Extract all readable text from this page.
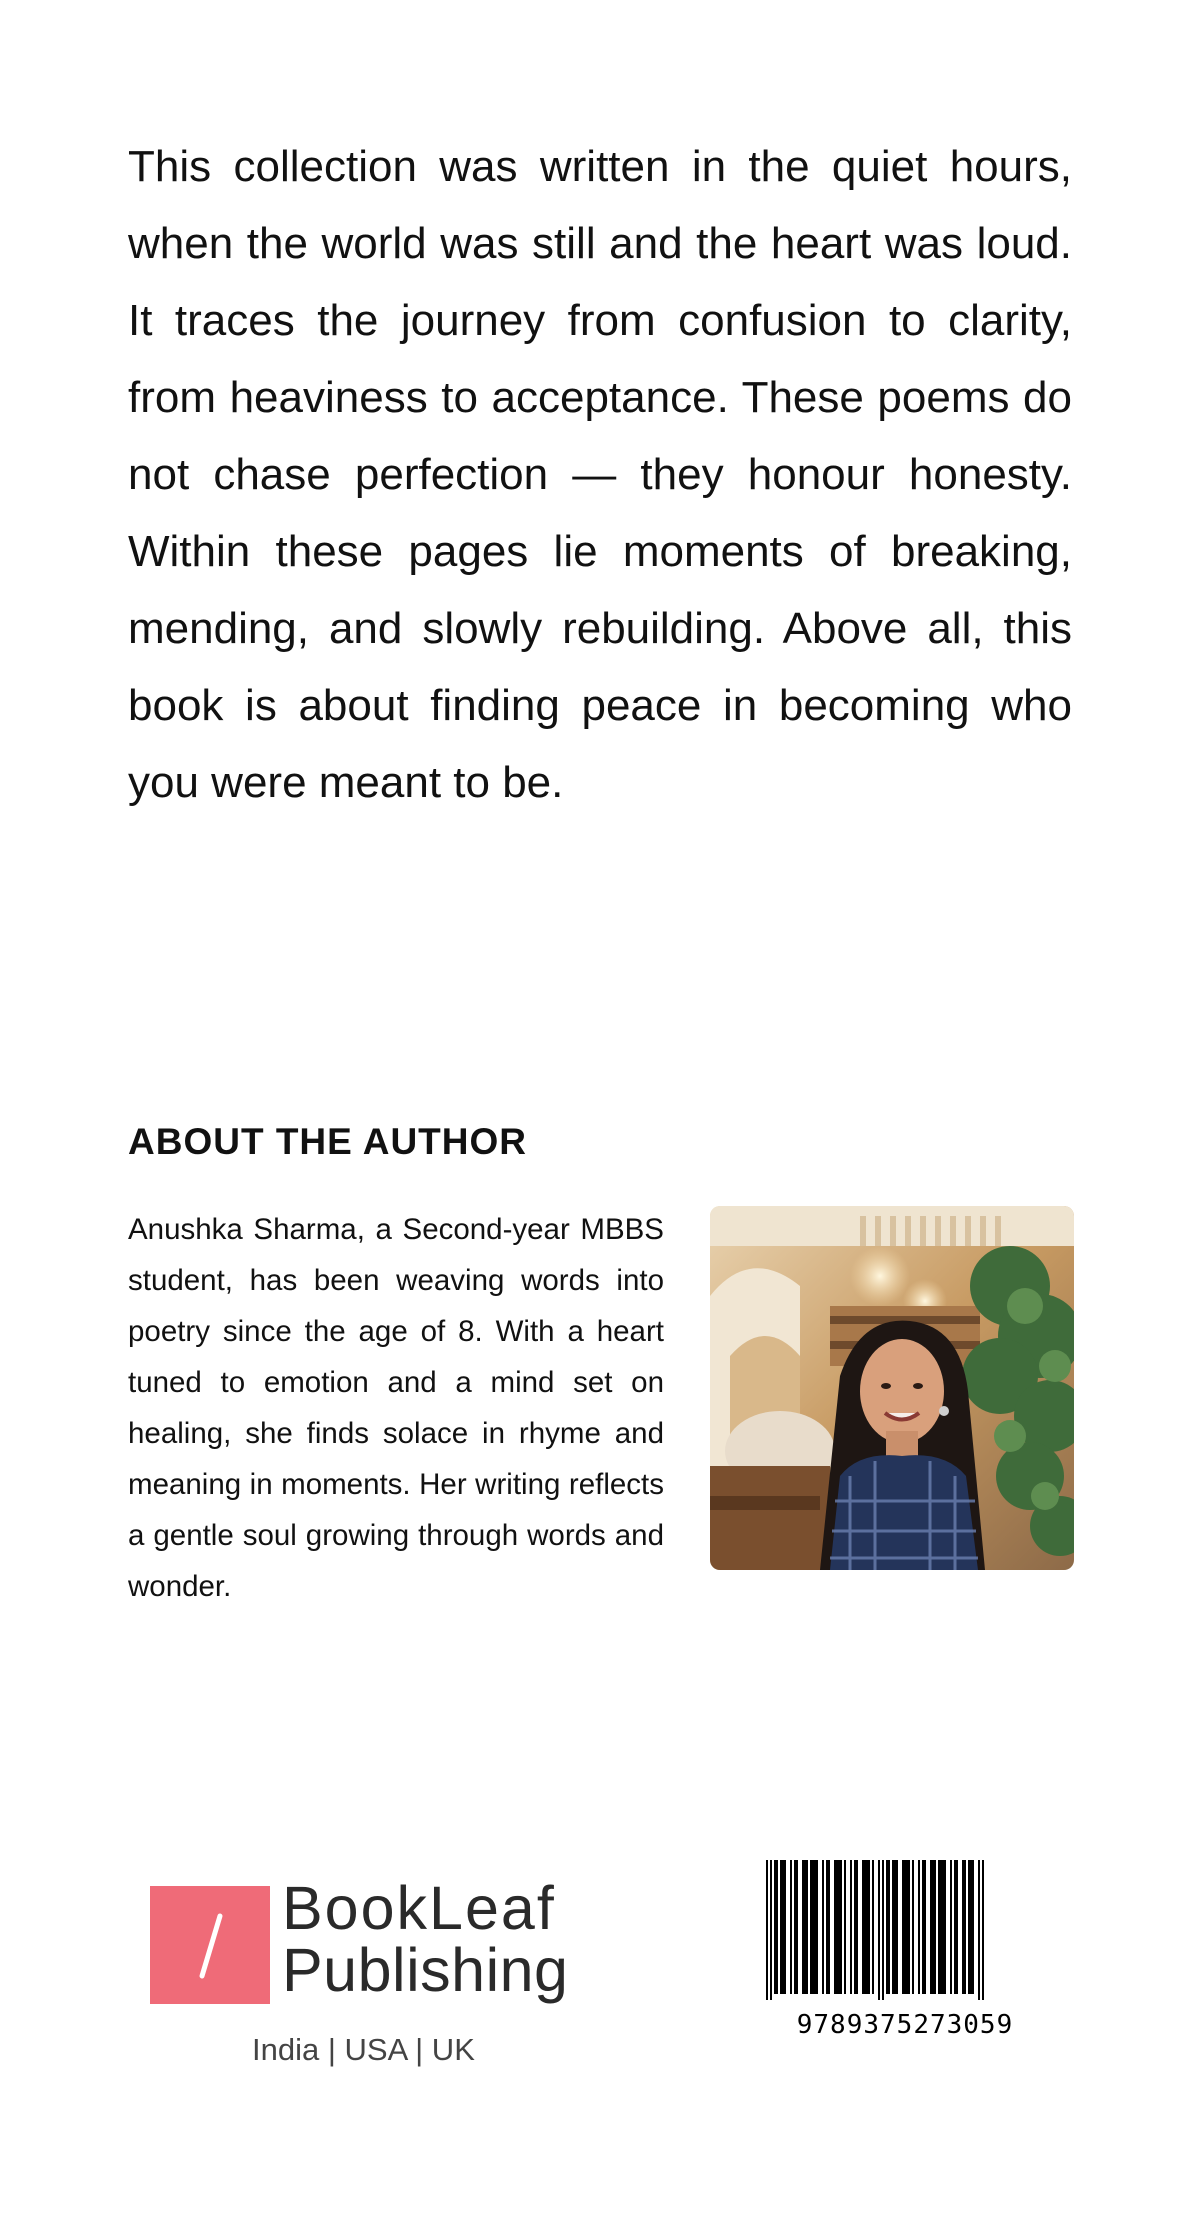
This collection was written in the quiet hours, when the world was still and the heart was loud. It traces the journey from confusion to clarity, from heaviness to acceptance. These poems do not chase perfection — they honour honesty. Within these pages lie moments of breaking, mending, and slowly rebuilding. Above all, this book is about finding peace in becoming who you were meant to be.

ABOUT THE AUTHOR

Anushka Sharma, a Second-year MBBS student, has been weaving words into poetry since the age of 8. With a heart tuned to emotion and a mind set on healing, she finds solace in rhyme and meaning in moments. Her writing reflects a gentle soul growing through words and wonder.

BookLeaf
Publishing
India | USA | UK
9789375273059
